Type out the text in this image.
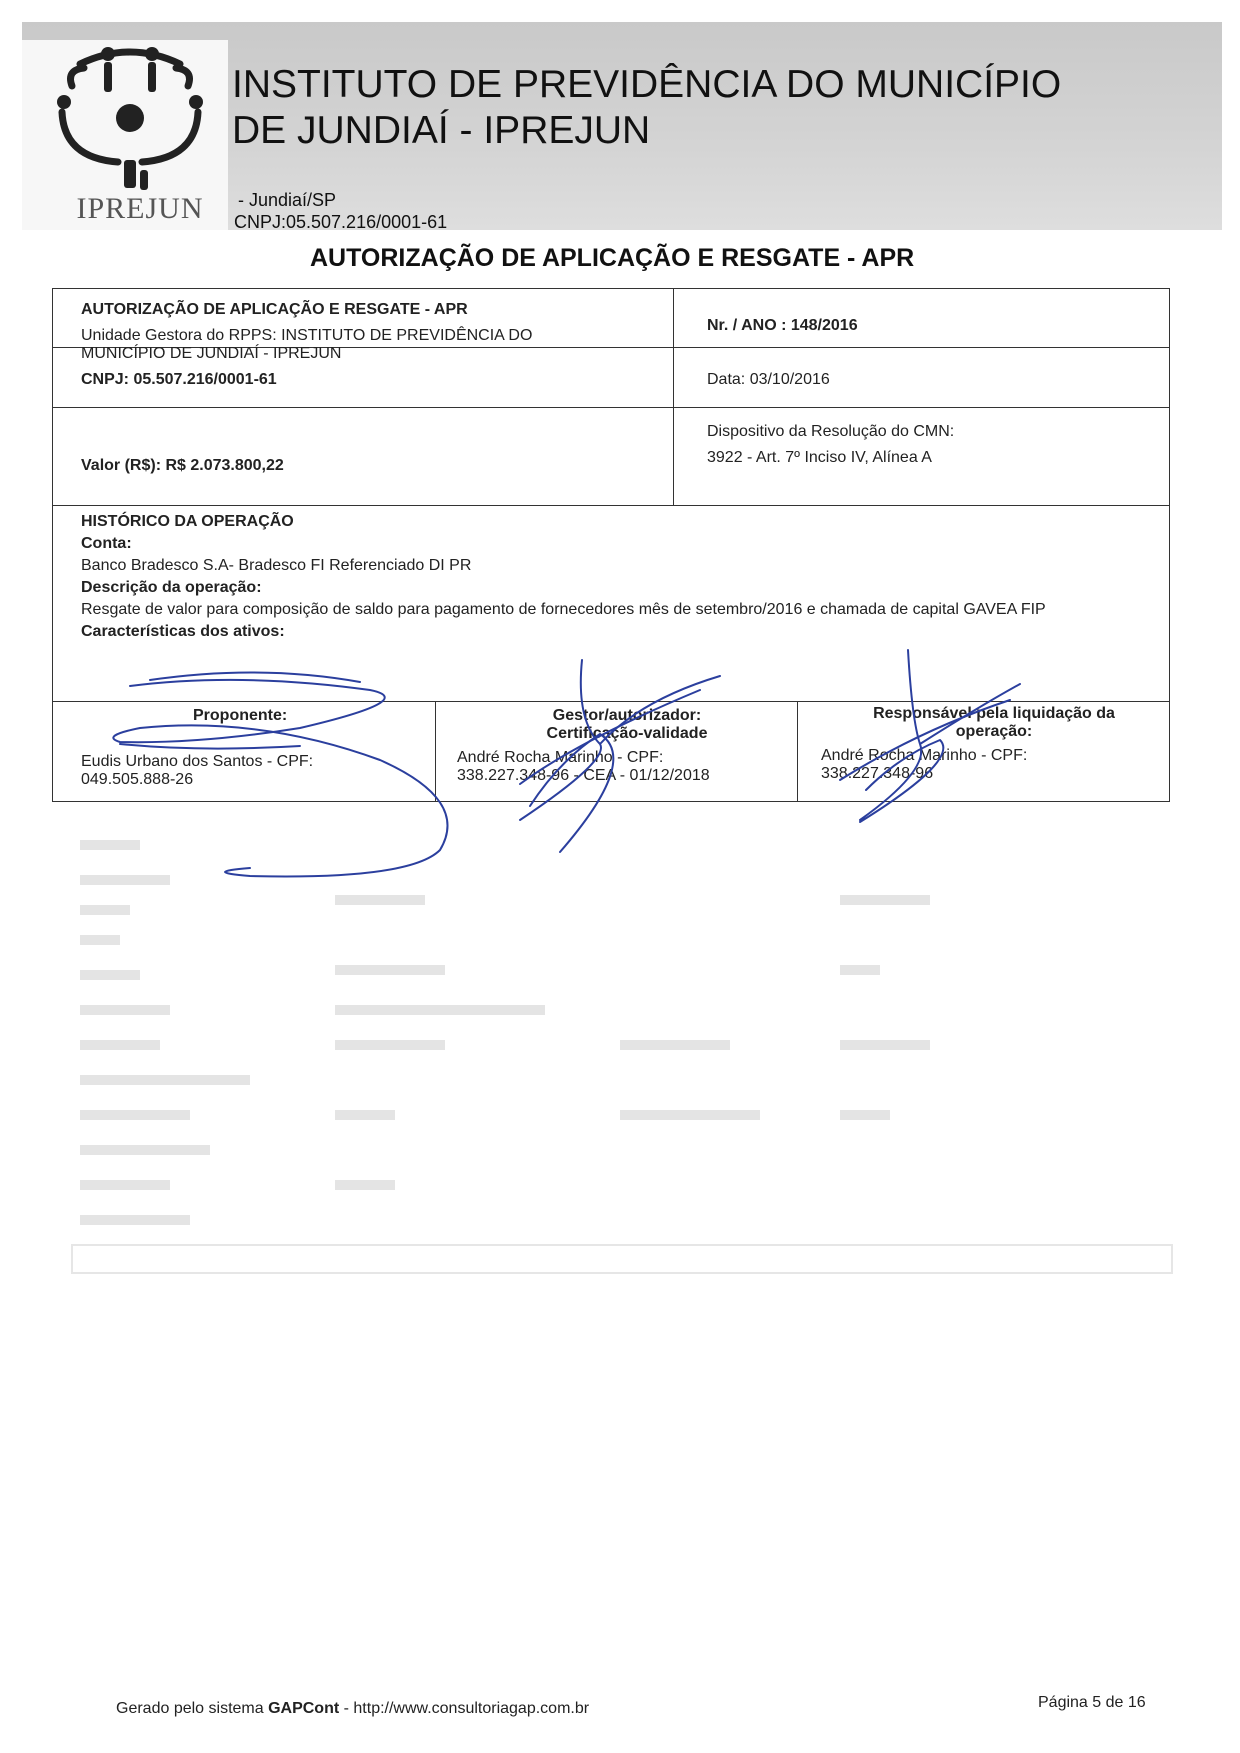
IPREJUN
INSTITUTO DE PREVIDÊNCIA DO MUNICÍPIO
DE JUNDIAÍ - IPREJUN
- Jundiaí/SP
CNPJ:05.507.216/0001-61
AUTORIZAÇÃO DE APLICAÇÃO E RESGATE - APR
AUTORIZAÇÃO DE APLICAÇÃO E RESGATE - APR
Unidade Gestora do RPPS: INSTITUTO DE PREVIDÊNCIA DO
MUNICÍPIO DE JUNDIAÍ - IPREJUN
CNPJ: 05.507.216/0001-61
Nr. / ANO : 148/2016
Data: 03/10/2016
Valor (R$): R$ 2.073.800,22
Dispositivo da Resolução do CMN:
3922 - Art. 7º Inciso IV, Alínea A
HISTÓRICO DA OPERAÇÃO
Conta:
Banco Bradesco S.A- Bradesco FI Referenciado DI PR
Descrição da operação:
Resgate de valor para composição de saldo para pagamento de fornecedores mês de setembro/2016 e chamada de capital GAVEA FIP
Características dos ativos:
Proponente:
Eudis Urbano dos Santos - CPF:
049.505.888-26
Gestor/autorizador:
Certificação-validade
André Rocha Marinho - CPF:
338.227.348-96 - CEA - 01/12/2018
Responsável pela liquidação da
operação:
André Rocha Marinho - CPF:
338.227.348-96
Gerado pelo sistema GAPCont - http://www.consultoriagap.com.br	Página 5 de 16
